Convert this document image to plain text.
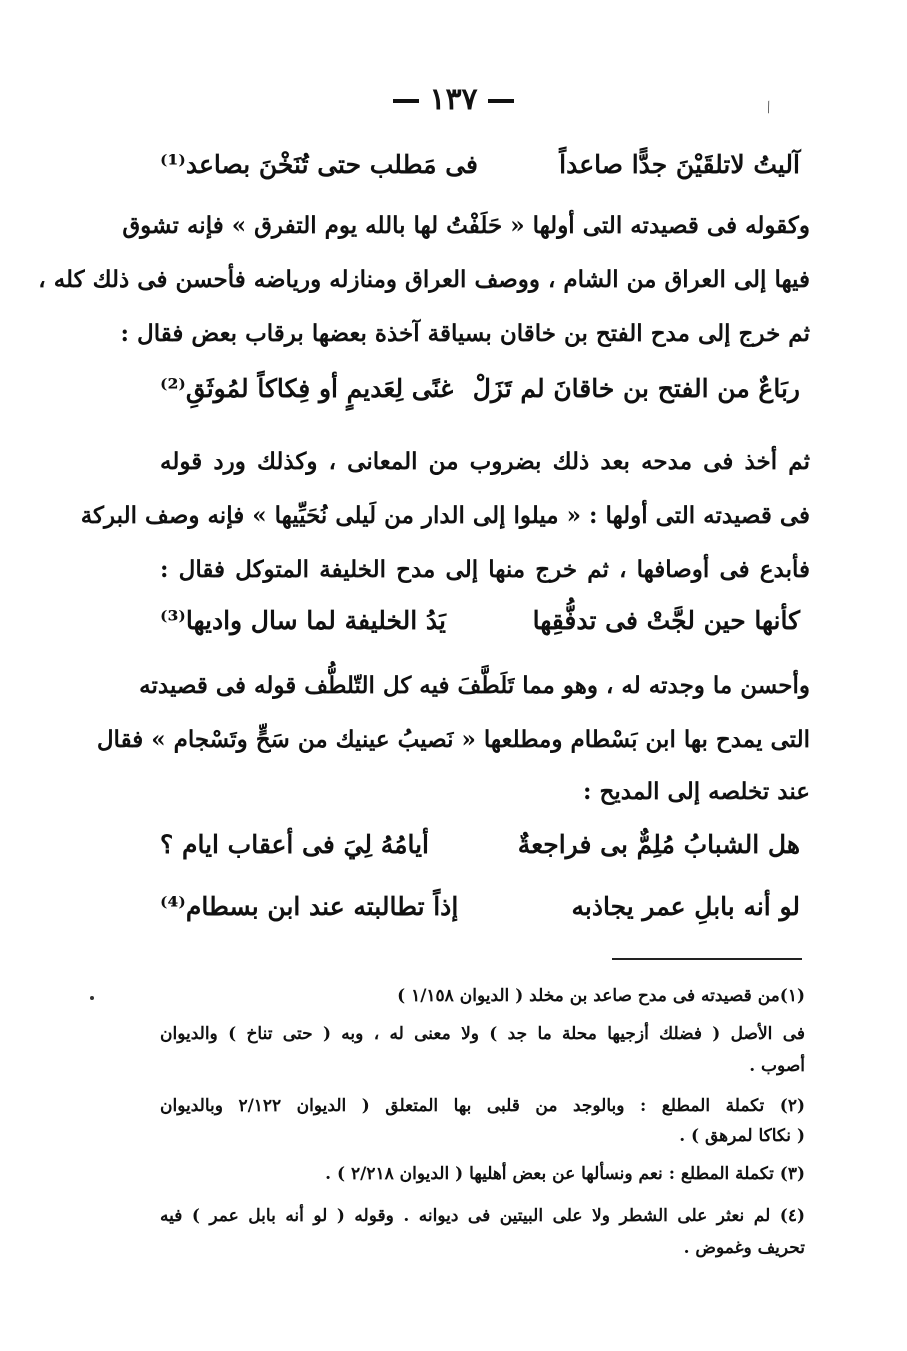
١٣٧	⁄
آليتُ لاتلقَيْنَ جدًّا صاعداً
فى مَطلب حتى تُنَخْنَ بصاعد⁽¹⁾
وكقوله فى قصيدته التى أولها « حَلَفْتُ لها بالله يوم التفرق » فإنه تشوق
فيها إلى العراق من الشام ، ووصف العراق ومنازله ورياضه فأحسن فى ذلك كله ،
ثم خرج إلى مدح الفتح بن خاقان بسياقة آخذة بعضها برقاب بعض فقال :
ربَاعٌ من الفتح بن خاقانَ لم تَزَلْ
غنًى لِعَديمٍ أو فِكاكاً لمُوثَقِ⁽²⁾
ثم أخذ فى مدحه بعد ذلك بضروب من المعانى ، وكذلك ورد قوله
فى قصيدته التى أولها : « ميلوا إلى الدار من لَيلى نُحَيِّيها » فإنه وصف البركة
فأبدع فى أوصافها ، ثم خرج منها إلى مدح الخليفة المتوكل فقال :
كأنها حين لجَّتْ فى تدفُّقِها
يَدُ الخليفة لما سال واديها⁽³⁾
وأحسن ما وجدته له ، وهو مما تَلَطَّفَ فيه كل التّلطُّف قوله فى قصيدته
التى يمدح بها ابن بَسْطام ومطلعها « نَصيبُ عينيك من سَحٍّ وتَسْجام » فقال
عند تخلصه إلى المديح :
هل الشبابُ مُلِمٌّ بى فراجعةٌ
أيامُهُ لِيَ فى أعقاب ايام ؟
لو أنه بابلِ عمر يجاذبه
إذاً تطالبته عند ابن بسطام⁽⁴⁾
(١)من قصيدته فى مدح صاعد بن مخلد ( الديوان ١/١٥٨ )
فى الأصل ( فضلك أزجيها محلة ما جد ) ولا معنى له ، وبه ( حتى تناخ ) والديوان
أصوب .
(٢) تكملة المطلع : وبالوجد من قلبى بها المتعلق ( الديوان ٢/١٢٢ وبالديوان
( نكاكا لمرهق ) .
(٣) تكملة المطلع : نعم ونسألها عن بعض أهليها ( الديوان ٢/٢١٨ ) .
(٤) لم نعثر على الشطر ولا على البيتين فى ديوانه . وقوله ( لو أنه بابل عمر ) فيه
تحريف وغموض .
